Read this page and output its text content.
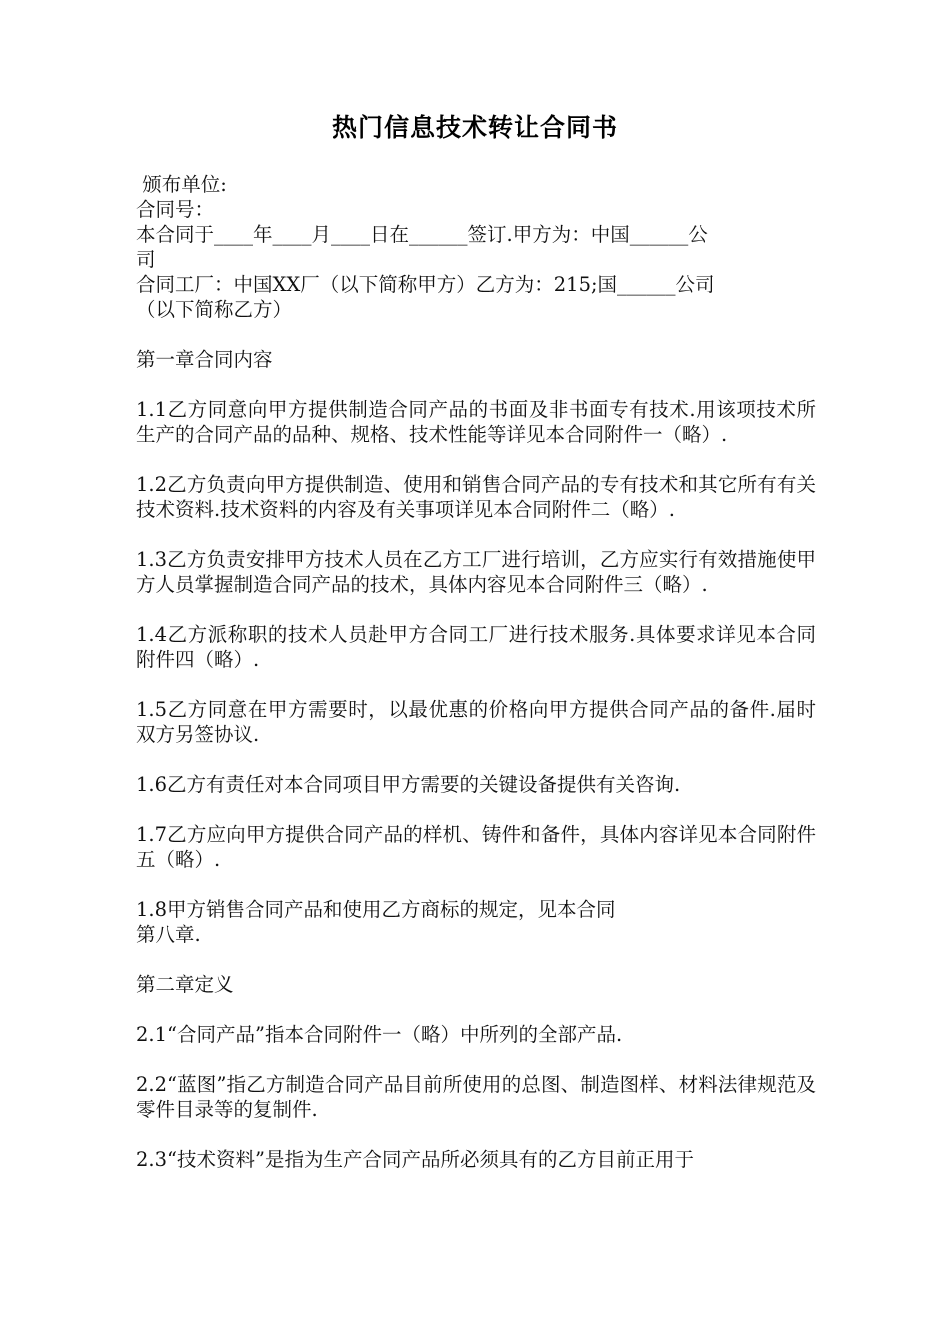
热门信息技术转让合同书
颁布单位:
合同号：
本合同于____年____月____日在______签订.甲方为：中国______公
司
合同工厂：中国XX厂（以下简称甲方）乙方为：215;国______公司
（以下简称乙方）
第一章合同内容
1.1乙方同意向甲方提供制造合同产品的书面及非书面专有技术.用该项技术所生产的合同产品的品种、规格、技术性能等详见本合同附件一（略）.
1.2乙方负责向甲方提供制造、使用和销售合同产品的专有技术和其它所有有关技术资料.技术资料的内容及有关事项详见本合同附件二（略）.
1.3乙方负责安排甲方技术人员在乙方工厂进行培训，乙方应实行有效措施使甲方人员掌握制造合同产品的技术，具体内容见本合同附件三（略）.
1.4乙方派称职的技术人员赴甲方合同工厂进行技术服务.具体要求详见本合同附件四（略）.
1.5乙方同意在甲方需要时，以最优惠的价格向甲方提供合同产品的备件.届时双方另签协议.
1.6乙方有责任对本合同项目甲方需要的关键设备提供有关咨询.
1.7乙方应向甲方提供合同产品的样机、铸件和备件，具体内容详见本合同附件五（略）.
1.8甲方销售合同产品和使用乙方商标的规定，见本合同
第八章.
第二章定义
2.1“合同产品”指本合同附件一（略）中所列的全部产品.
2.2“蓝图”指乙方制造合同产品目前所使用的总图、制造图样、材料法律规范及零件目录等的复制件.
2.3“技术资料”是指为生产合同产品所必须具有的乙方目前正用于
